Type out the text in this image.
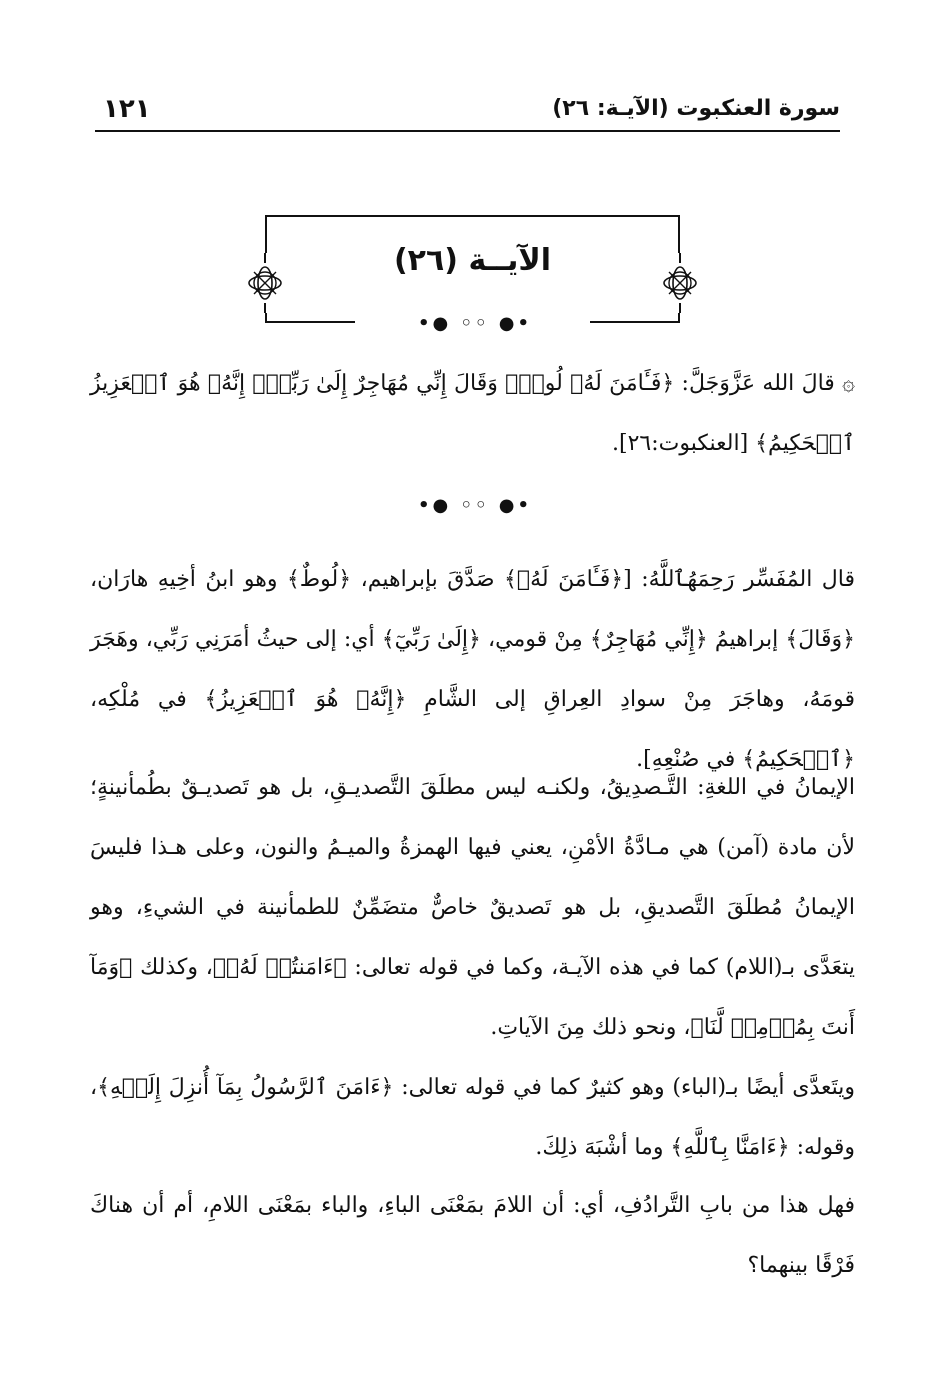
١٢١	سورة العنكبوت (الآيـة: ٢٦)
الآيــة (٢٦)
•● ◦◦ ●•

۞ قالَ الله عَزَّوَجَلَّ: ﴿فَـَٔامَنَ لَهُۥ لُوطٌۘ وَقَالَ إِنِّي مُهَاجِرٌ إِلَىٰ رَبِّيٓۖ إِنَّهُۥ هُوَ ٱلۡعَزِيزُ ٱلۡحَكِيمُ﴾ [العنكبوت:٢٦].

•● ◦◦ ●•

قال المُفَسِّر رَحِمَهُٱللَّهُ: [﴿فَـَٔامَنَ لَهُۥ﴾ صَدَّقَ بإبراهيم، ﴿لُوطٌ﴾ وهو ابنُ أخِيهِ هارَان، ﴿وَقَالَ﴾ إبراهيمُ ﴿إِنِّي مُهَاجِرٌ﴾ مِنْ قومي، ﴿إِلَىٰ رَبِّيٓ﴾ أي: إلى حيثُ أمَرَنِي رَبِّي، وهَجَرَ قومَهُ، وهاجَرَ مِنْ سوادِ العِراقِ إلى الشَّامِ ﴿إِنَّهُۥ هُوَ ٱلۡعَزِيزُ﴾ في مُلْكِه، ﴿ٱلۡحَكِيمُ﴾ في صُنْعِهِ].

الإيمانُ في اللغةِ: التَّـصدِيقُ، ولكنـه ليس مطلَقَ التَّصديـقِ، بل هو تَصديـقٌ بطُمأنينةٍ؛ لأن مادة (آمن) هي مـادَّةُ الأمْنِ، يعني فيها الهمزةُ والميـمُ والنون، وعلى هـذا فليسَ الإيمانُ مُطلَقَ التَّصديقِ، بل هو تَصديقٌ خاصٌّ متضَمِّنٌ للطمأنينة في الشيءِ، وهو يتعَدَّى بـ(اللام) كما في هذه الآيـة، وكما في قوله تعالى: ﴿ءَامَنتُمۡ لَهُۥ﴾، وكذلك ﴿وَمَآ أَنتَ بِمُؤۡمِنٖ لَّنَا﴾، ونحو ذلك مِنَ الآياتِ.

ويتَعدَّى أيضًا بـ(الباء) وهو كثيرٌ كما في قوله تعالى: ﴿ءَامَنَ ٱلرَّسُولُ بِمَآ أُنزِلَ إِلَيۡهِ﴾، وقوله: ﴿ءَامَنَّا بِٱللَّهِ﴾ وما أشْبَهَ ذلِكَ.

فهل هذا من بابِ التَّرادُفِ، أي: أن اللامَ بمَعْنَى الباءِ، والباء بمَعْنَى اللامِ، أم أن هناكَ فَرْقًا بينهما؟
